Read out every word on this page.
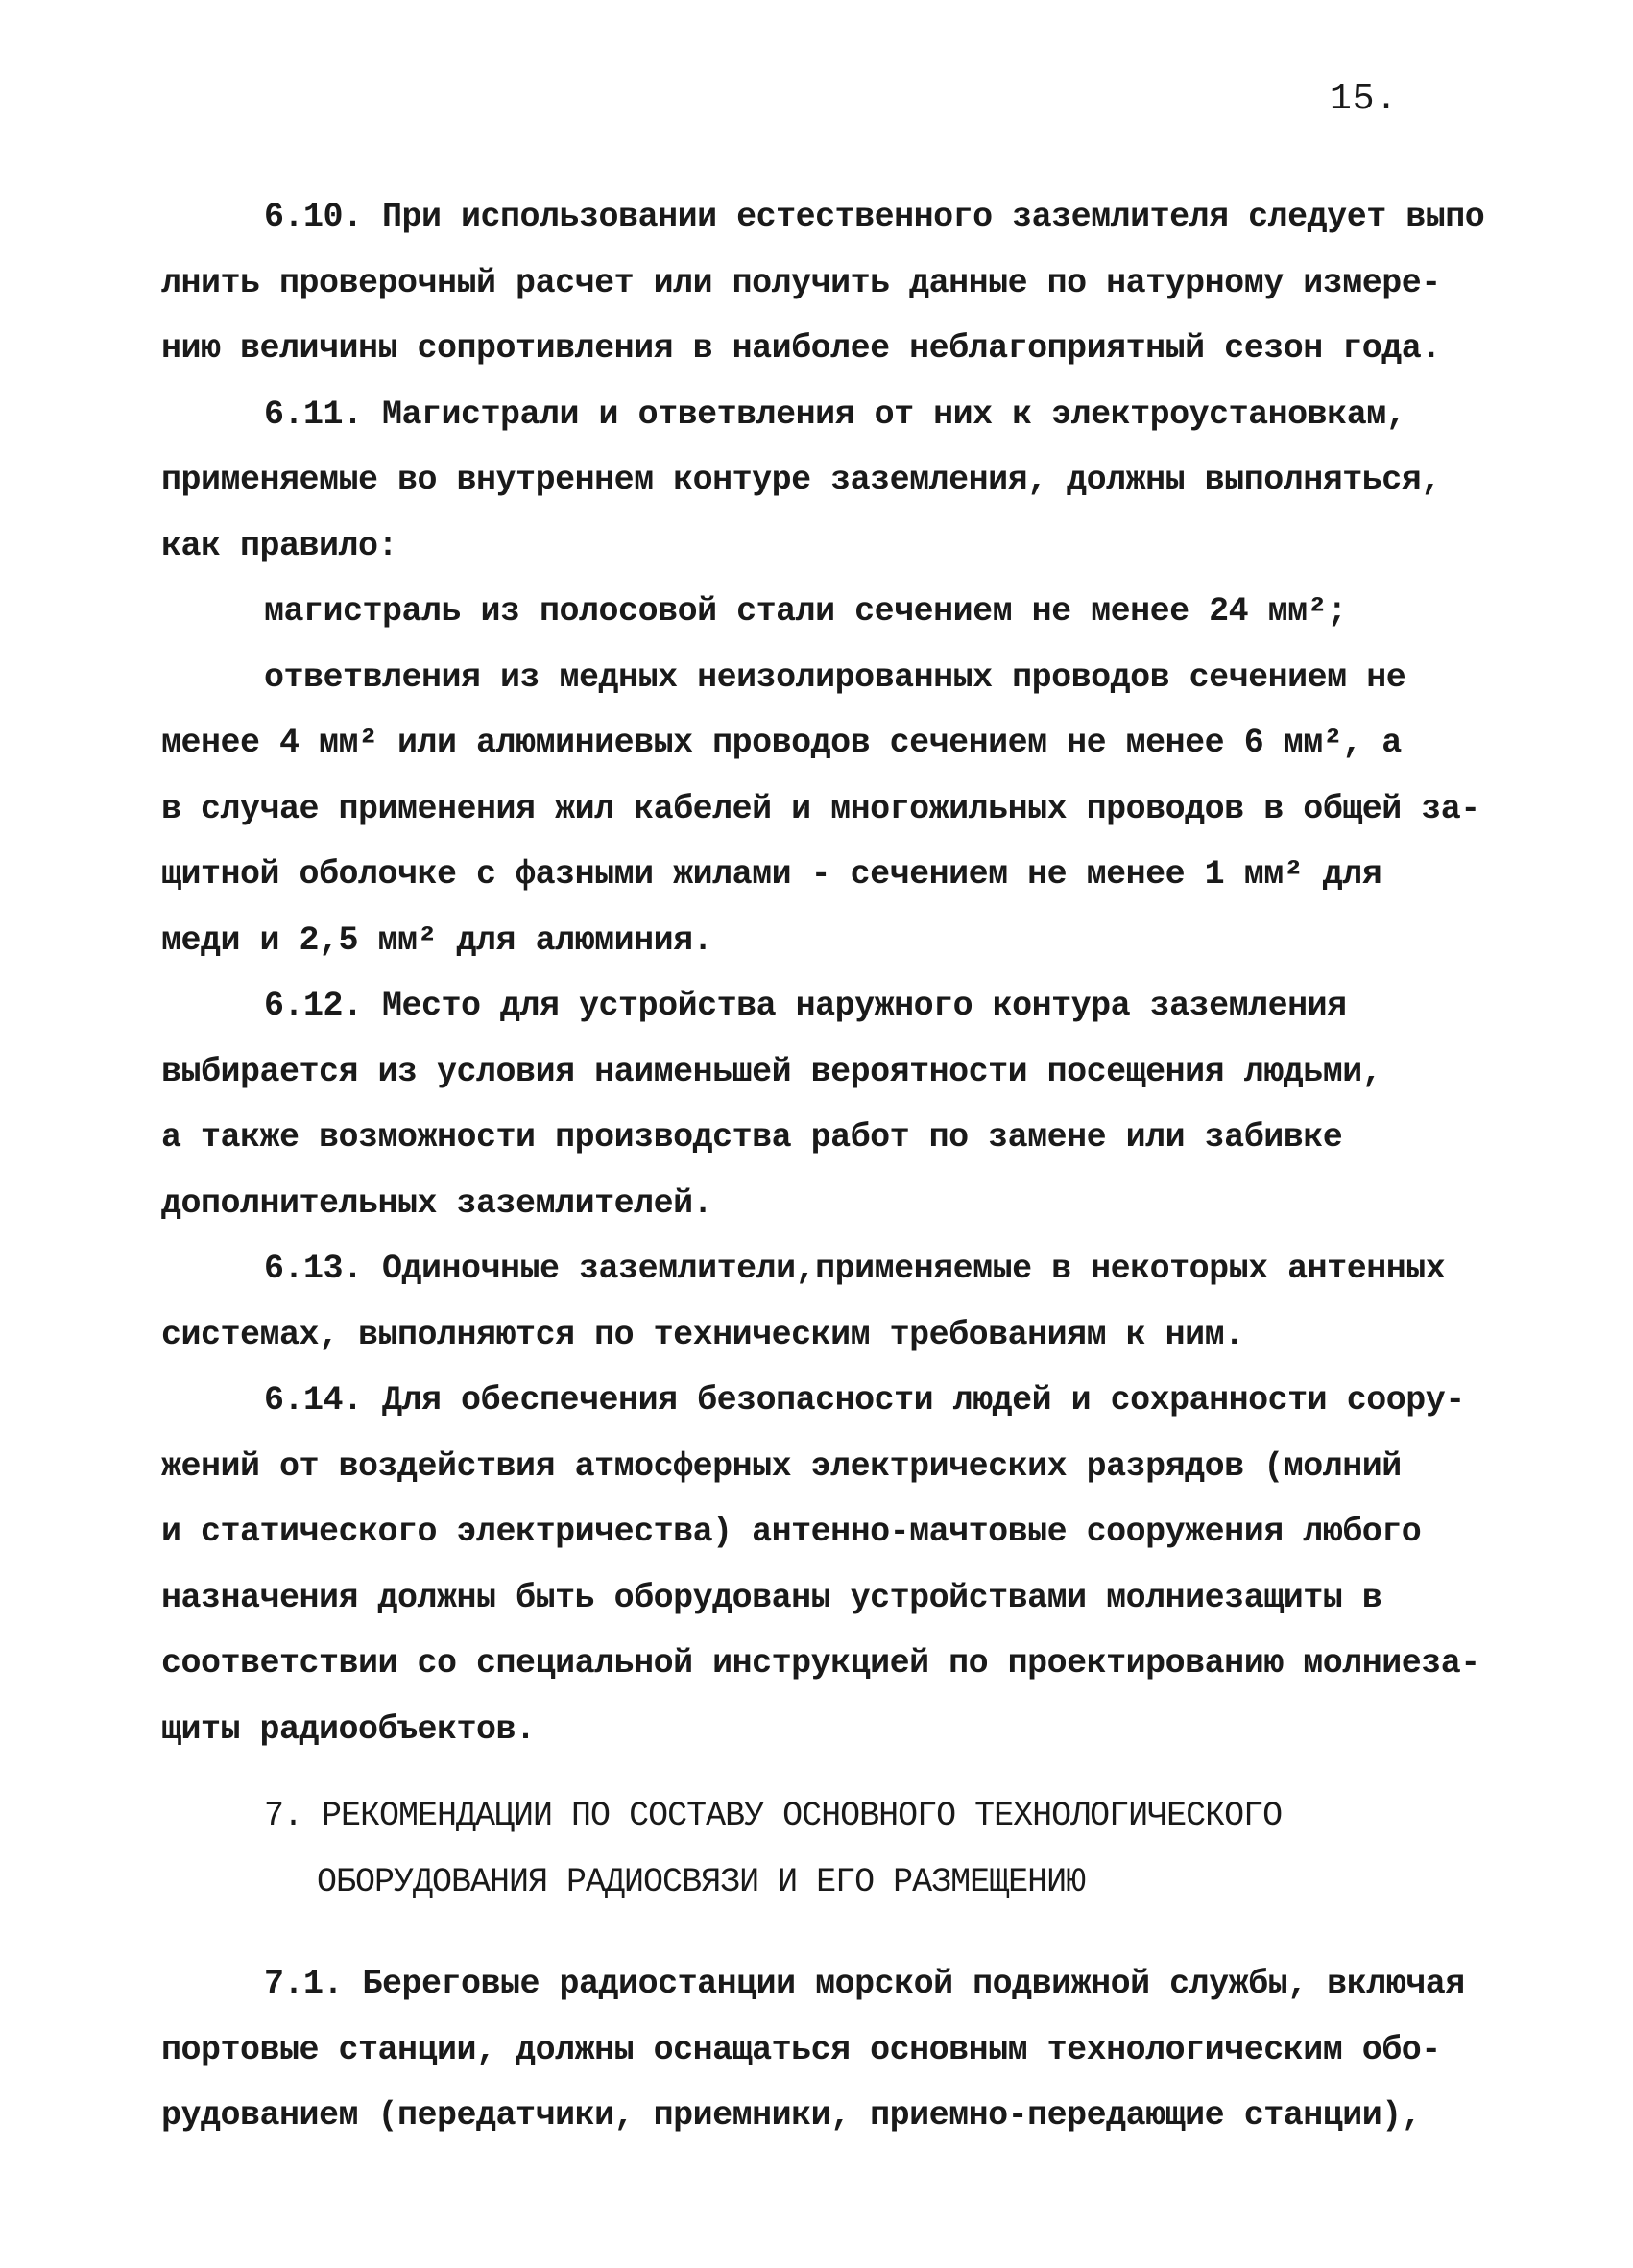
15.
6.10. При использовании естественного заземлителя следует выпо
лнить проверочный расчет или получить данные по натурному измере-
нию величины сопротивления в наиболее неблагоприятный сезон года.
6.11. Магистрали и ответвления от них к электроустановкам,
применяемые во внутреннем контуре заземления, должны выполняться,
как правило:
магистраль из полосовой стали сечением не менее 24 мм²;
ответвления из медных неизолированных проводов сечением не
менее 4 мм² или алюминиевых проводов сечением не менее 6 мм², а
в случае применения жил кабелей и многожильных проводов в общей за-
щитной оболочке с фазными жилами - сечением не менее 1 мм² для
меди и 2,5 мм² для алюминия.
6.12. Место для устройства наружного контура заземления
выбирается из условия наименьшей вероятности посещения людьми,
а также возможности производства работ по замене или забивке
дополнительных заземлителей.
6.13. Одиночные заземлители,применяемые в некоторых антенных
системах, выполняются по техническим требованиям к ним.
6.14. Для обеспечения безопасности людей и сохранности соору-
жений от воздействия атмосферных электрических разрядов (молний
и статического электричества) антенно-мачтовые сооружения любого
назначения должны быть оборудованы устройствами молниезащиты в
соответствии со специальной инструкцией по проектированию молниеза-
щиты радиообъектов.
7. РЕКОМЕНДАЦИИ ПО СОСТАВУ ОСНОВНОГО ТЕХНОЛОГИЧЕСКОГО
ОБОРУДОВАНИЯ РАДИОСВЯЗИ И ЕГО РАЗМЕЩЕНИЮ
7.1. Береговые радиостанции морской подвижной службы, включая
портовые станции, должны оснащаться основным технологическим обо-
рудованием (передатчики, приемники, приемно-передающие станции),
